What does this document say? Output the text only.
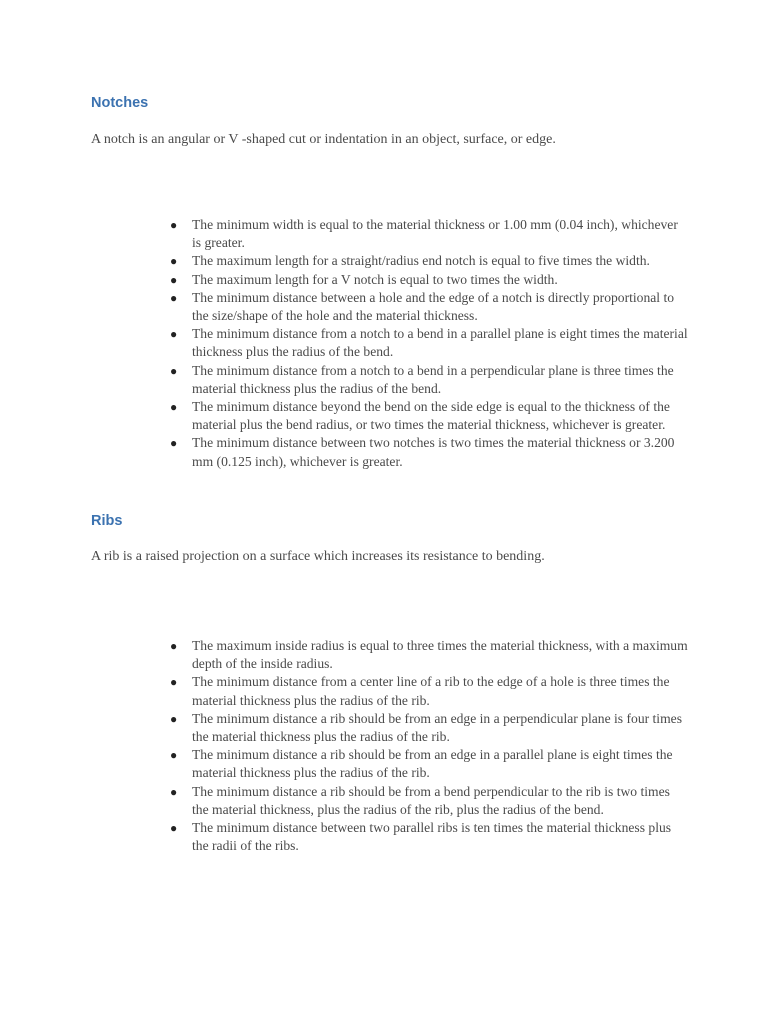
Notches

A notch is an angular or V -shaped cut or indentation in an object, surface, or edge.

● The minimum width is equal to the material thickness or 1.00 mm (0.04 inch), whichever is greater.
● The maximum length for a straight/radius end notch is equal to five times the width.
● The maximum length for a V notch is equal to two times the width.
● The minimum distance between a hole and the edge of a notch is directly proportional to the size/shape of the hole and the material thickness.
● The minimum distance from a notch to a bend in a parallel plane is eight times the material thickness plus the radius of the bend.
● The minimum distance from a notch to a bend in a perpendicular plane is three times the material thickness plus the radius of the bend.
● The minimum distance beyond the bend on the side edge is equal to the thickness of the material plus the bend radius, or two times the material thickness, whichever is greater.
● The minimum distance between two notches is two times the material thickness or 3.200 mm (0.125 inch), whichever is greater.
Ribs

A rib is a raised projection on a surface which increases its resistance to bending.

● The maximum inside radius is equal to three times the material thickness, with a maximum depth of the inside radius.
● The minimum distance from a center line of a rib to the edge of a hole is three times the material thickness plus the radius of the rib.
● The minimum distance a rib should be from an edge in a perpendicular plane is four times the material thickness plus the radius of the rib.
● The minimum distance a rib should be from an edge in a parallel plane is eight times the material thickness plus the radius of the rib.
● The minimum distance a rib should be from a bend perpendicular to the rib is two times the material thickness, plus the radius of the rib, plus the radius of the bend.
● The minimum distance between two parallel ribs is ten times the material thickness plus the radii of the ribs.
